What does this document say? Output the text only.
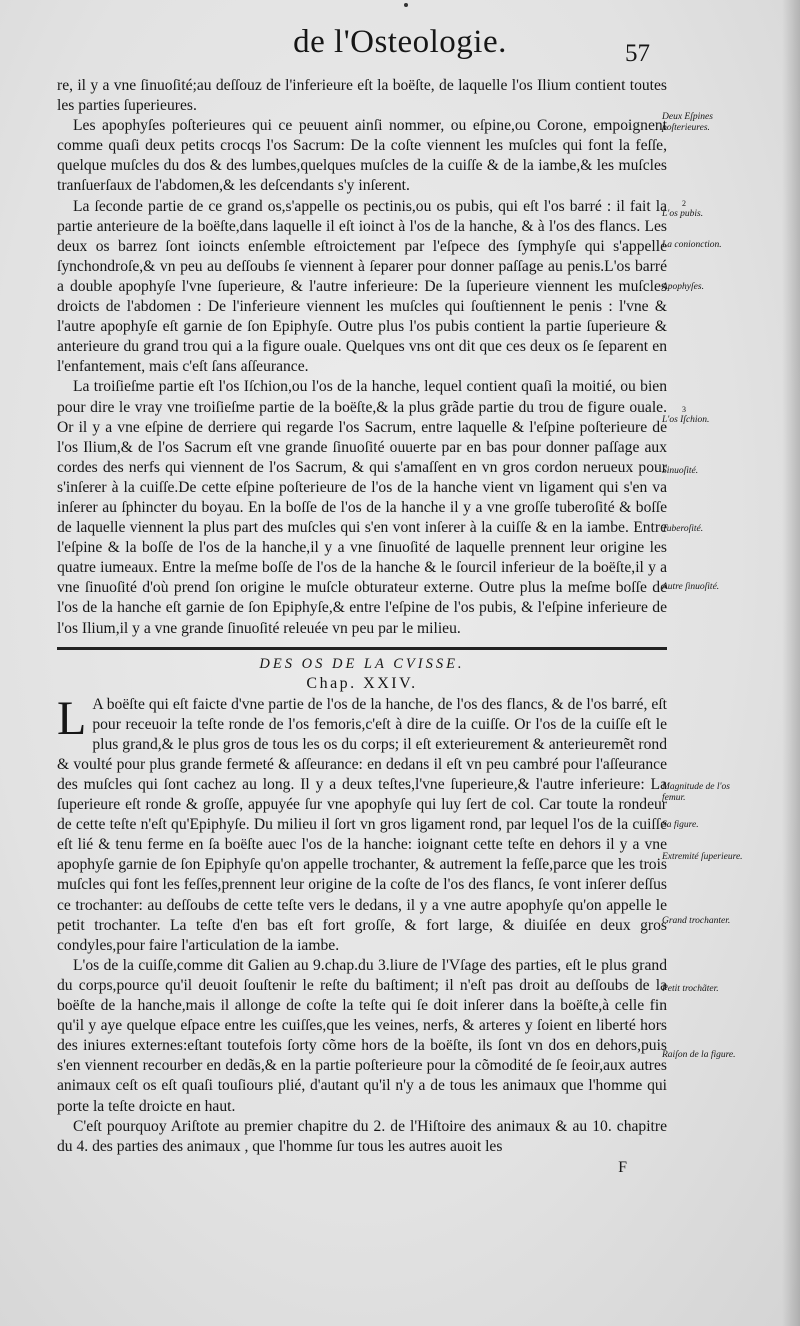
de l'Osteologie.	57

re, il y a vne ſinuoſité;au deſſouz de l'inferieure eſt la boëſte, de laquelle l'os Ilium contient toutes les parties ſuperieures.

Les apophyſes poſterieures qui ce peuuent ainſi nommer, ou eſpine,ou Corone, empoignent comme quaſi deux petits crocqs l'os Sacrum: De la coſte viennent les muſcles qui font la feſſe, quelque muſcles du dos & des lumbes,quelques muſcles de la cuiſſe & de la iambe,& les muſcles tranſuerſaux de l'abdomen,& les deſcendants s'y inſerent.

La ſeconde partie de ce grand os,s'appelle os pectinis,ou os pubis, qui eſt l'os barré : il fait la partie anterieure de la boëſte,dans laquelle il eſt ioinct à l'os de la hanche, & à l'os des flancs. Les deux os barrez ſont ioincts enſemble eſtroictement par l'eſpece des ſymphyſe qui s'appelle ſynchondroſe,& vn peu au deſſoubs ſe viennent à ſeparer pour donner paſſage au penis.L'os barré a double apophyſe l'vne ſuperieure, & l'autre inferieure: De la ſuperieure viennent les muſcles droicts de l'abdomen : De l'inferieure viennent les muſcles qui ſouſtiennent le penis : l'vne & l'autre apophyſe eſt garnie de ſon Epiphyſe. Outre plus l'os pubis contient la partie ſuperieure & anterieure du grand trou qui a la figure ouale. Quelques vns ont dit que ces deux os ſe ſeparent en l'enfantement, mais c'eſt ſans aſſeurance.

La troiſieſme partie eſt l'os Iſchion,ou l'os de la hanche, lequel contient quaſi la moitié, ou bien pour dire le vray vne troiſieſme partie de la boëſte,& la plus grãde partie du trou de figure ouale. Or il y a vne eſpine de derriere qui regarde l'os Sacrum, entre laquelle & l'eſpine poſterieure de l'os Ilium,& de l'os Sacrum eſt vne grande ſinuoſité ouuerte par en bas pour donner paſſage aux cordes des nerfs qui viennent de l'os Sacrum, & qui s'amaſſent en vn gros cordon nerueux pour s'inſerer à la cuiſſe.De cette eſpine poſterieure de l'os de la hanche vient vn ligament qui s'en va inſerer au ſphincter du boyau. En la boſſe de l'os de la hanche il y a vne groſſe tuberoſité & boſſe de laquelle viennent la plus part des muſcles qui s'en vont inſerer à la cuiſſe & en la iambe. Entre l'eſpine & la boſſe de l'os de la hanche,il y a vne ſinuoſité de laquelle prennent leur origine les quatre iumeaux. Entre la meſme boſſe de l'os de la hanche & le ſourcil inferieur de la boëſte,il y a vne ſinuoſité d'où prend ſon origine le muſcle obturateur externe. Outre plus la meſme boſſe de l'os de la hanche eſt garnie de ſon Epiphyſe,& entre l'eſpine de l'os pubis, & l'eſpine inferieure de l'os Ilium,il y a vne grande ſinuoſité releuée vn peu par le milieu.

DES OS DE LA CVISSE.
Chap. XXIV.

L A boëſte qui eſt faicte d'vne partie de l'os de la hanche, de l'os des flancs, & de l'os barré, eſt pour receuoir la teſte ronde de l'os femoris,c'eſt à dire de la cuiſſe. Or l'os de la cuiſſe eſt le plus grand,& le plus gros de tous les os du corps; il eſt exterieurement & anterieuremẽt rond & voulté pour plus grande fermeté & aſſeurance: en dedans il eſt vn peu cambré pour l'aſſeurance des muſcles qui ſont cachez au long. Il y a deux teſtes,l'vne ſuperieure,& l'autre inferieure: La ſuperieure eſt ronde & groſſe, appuyée ſur vne apophyſe qui luy ſert de col. Car toute la rondeur de cette teſte n'eſt qu'Epiphyſe. Du milieu il ſort vn gros ligament rond, par lequel l'os de la cuiſſe eſt lié & tenu ferme en ſa boëſte auec l'os de la hanche: ioignant cette teſte en dehors il y a vne apophyſe garnie de ſon Epiphyſe qu'on appelle trochanter, & autrement la feſſe,parce que les trois muſcles qui font les feſſes,prennent leur origine de la coſte de l'os des flancs, ſe vont inſerer deſſus ce trochanter: au deſſoubs de cette teſte vers le dedans, il y a vne autre apophyſe qu'on appelle le petit trochanter. La teſte d'en bas eſt fort groſſe, & fort large, & diuiſée en deux gros condyles,pour faire l'articulation de la iambe.

L'os de la cuiſſe,comme dit Galien au 9.chap.du 3.liure de l'Vſage des parties, eſt le plus grand du corps,pource qu'il deuoit ſouſtenir le reſte du baſtiment; il n'eſt pas droit au deſſoubs de la boëſte de la hanche,mais il allonge de coſte la teſte qui ſe doit inſerer dans la boëſte,à celle fin qu'il y aye quelque eſpace entre les cuiſſes,que les veines, nerfs, & arteres y ſoient en liberté hors des iniures externes:eſtant toutefois ſorty cõme hors de la boëſte, ils ſont vn dos en dehors,puis s'en viennent recourber en dedãs,& en la partie poſterieure pour la cõmodité de ſe ſeoir,aux autres animaux ceſt os eſt quaſi touſiours plié, d'autant qu'il n'y a de tous les animaux que l'homme qui porte la teſte droicte en haut.

C'eſt pourquoy Ariſtote au premier chapitre du 2. de l'Hiſtoire des animaux & au 10. chapitre du 4. des parties des animaux , que l'homme ſur tous les autres auoit les

F
Deux Eſpines poſterieures.
2
L'os pubis.
La conionction.
Apophyſes.
3
L'os Iſchion.
Sinuoſité.
Tuberoſité.
Autre ſinuoſité.
Magnitude de l'os femur.
Sa figure.
Extremité ſuperieure.
Grand trochanter.
Petit trochãter.
Raiſon de la figure.
